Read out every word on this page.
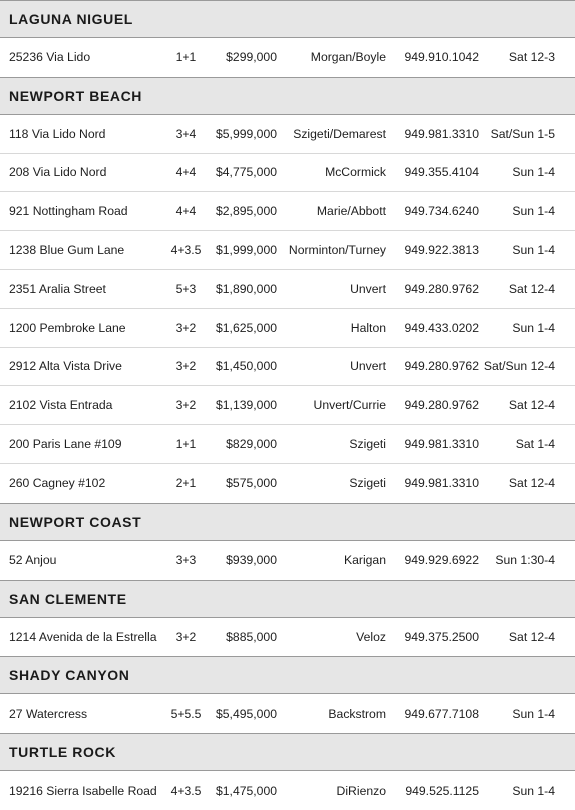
LAGUNA NIGUEL
25236 Via Lido	1+1	$299,000	Morgan/Boyle	949.910.1042	Sat 12-3
NEWPORT BEACH
118 Via Lido Nord	3+4	$5,999,000	Szigeti/Demarest	949.981.3310 Sat/Sun 1-5
208 Via Lido Nord	4+4	$4,775,000	McCormick	949.355.4104	Sun 1-4
921 Nottingham Road	4+4	$2,895,000	Marie/Abbott	949.734.6240	Sun 1-4
1238 Blue Gum Lane	4+3.5	$1,999,000 Norminton/Turney	949.922.3813	Sun 1-4
2351 Aralia Street	5+3	$1,890,000	Unvert	949.280.9762	Sat 12-4
1200 Pembroke Lane	3+2	$1,625,000	Halton	949.433.0202	Sun 1-4
2912 Alta Vista Drive	3+2	$1,450,000	Unvert	949.280.9762 Sat/Sun 12-4
2102 Vista Entrada	3+2	$1,139,000	Unvert/Currie	949.280.9762	Sat 12-4
200 Paris Lane #109	1+1	$829,000	Szigeti	949.981.3310	Sat 1-4
260 Cagney #102	2+1	$575,000	Szigeti	949.981.3310	Sat 12-4
NEWPORT COAST
52 Anjou	3+3	$939,000	Karigan	949.929.6922	Sun 1:30-4
SAN CLEMENTE
1214 Avenida de la Estrella	3+2	$885,000	Veloz	949.375.2500	Sat 12-4
SHADY CANYON
27 Watercress	5+5.5	$5,495,000	Backstrom	949.677.7108	Sun 1-4
TURTLE ROCK
19216 Sierra Isabelle Road	4+3.5	$1,475,000	DiRienzo	949.525.1125	Sun 1-4
